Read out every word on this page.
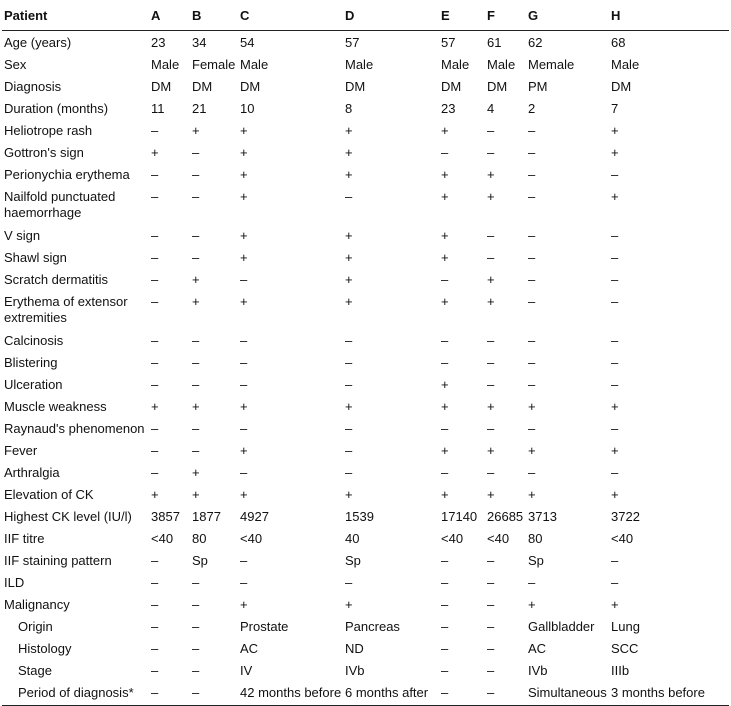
Patient	A	B	C	D	E	F	G	H
Age (years)	23	34	54	57	57	61	62	68
Sex	Male	Female	Male	Male	Male	Male	Memale	Male
Diagnosis	DM	DM	DM	DM	DM	DM	PM	DM
Duration (months)	11	21	10	8	23	4	2	7
Heliotrope rash	–	+	+	+	+	–	–	+
Gottron's sign	+	–	+	+	–	–	–	+
Perionychia erythema	–	–	+	+	+	+	–	–
Nailfold punctuated haemorrhage	–	–	+	–	+	+	–	+
V sign	–	–	+	+	+	–	–	–
Shawl sign	–	–	+	+	+	–	–	–
Scratch dermatitis	–	+	–	+	–	+	–	–
Erythema of extensor extremities	–	+	+	+	+	+	–	–
Calcinosis	–	–	–	–	–	–	–	–
Blistering	–	–	–	–	–	–	–	–
Ulceration	–	–	–	–	+	–	–	–
Muscle weakness	+	+	+	+	+	+	+	+
Raynaud's phenomenon	–	–	–	–	–	–	–	–
Fever	–	–	+	–	+	+	+	+
Arthralgia	–	+	–	–	–	–	–	–
Elevation of CK	+	+	+	+	+	+	+	+
Highest CK level (IU/l)	3857	1877	4927	1539	17140	26685	3713	3722
IIF titre	<40	80	<40	40	<40	<40	80	<40
IIF staining pattern	–	Sp	–	Sp	–	–	Sp	–
ILD	–	–	–	–	–	–	–	–
Malignancy	–	–	+	+	–	–	+	+
Origin	–	–	Prostate	Pancreas	–	–	Gallbladder	Lung
Histology	–	–	AC	ND	–	–	AC	SCC
Stage	–	–	IV	IVb	–	–	IVb	IIIb
Period of diagnosis*	–	–	42 months before	6 months after	–	–	Simultaneous	3 months before
